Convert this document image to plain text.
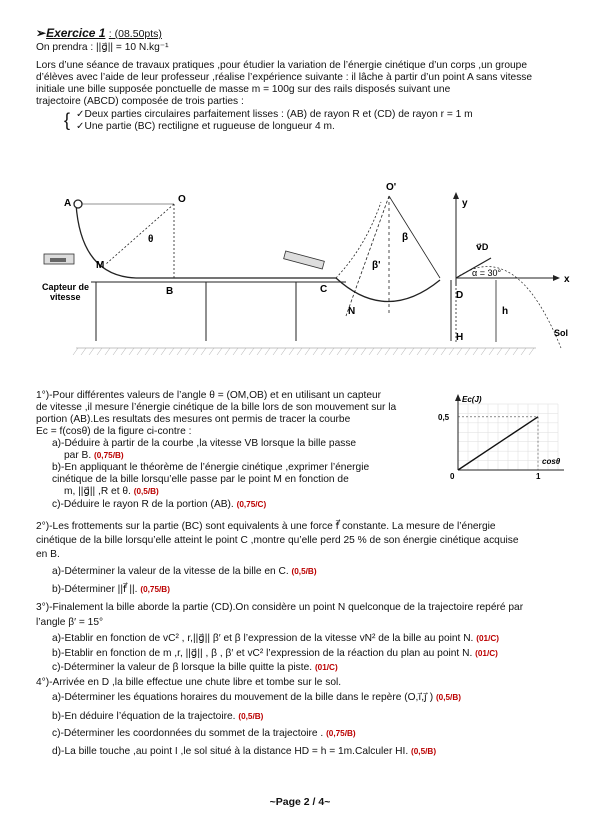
➢Exercice 1 : (08.50pts)
On prendra : ||g⃗|| = 10 N.kg⁻¹
Lors d’une séance de travaux pratiques ,pour étudier la variation de l’énergie cinétique d’un corps ,un groupe
d’élèves avec l’aide de leur professeur ,réalise l’expérience suivante : il lâche à partir d’un point A sans vitesse
initiale une bille supposée ponctuelle de masse m = 100g sur des rails disposés suivant une
trajectoire (ABCD) composée de trois parties :
{ ✓Deux parties circulaires parfaitement lisses : (AB) de rayon R et (CD) de rayon r = 1 m
✓Une partie (BC) rectiligne et rugueuse de longueur 4 m.
A	O
θ
M
B	C
N
O'
β
β'
D
y
x
v⃗D
α = 30°
h
H	Sol
Capteur de
vitesse
1°)-Pour différentes valeurs de l’angle θ = (OM,OB) et en utilisant un capteur
de vitesse ,il mesure l’énergie cinétique de la bille lors de son mouvement sur la
portion (AB).Les resultats des mesures ont permis de tracer la courbe
Ec = f(cosθ) de la figure ci-contre :
a)-Déduire à partir de la courbe ,la vitesse VB lorsque la bille passe
par B. (0,75/B)
b)-En appliquant le théorème de l’énergie cinétique ,exprimer l’énergie
cinétique de la bille lorsqu’elle passe par le point M en fonction de
m, ||g⃗|| ,R et θ. (0,5/B)
c)-Déduire le rayon R de la portion (AB). (0,75/C)
Ec(J)
cosθ
0,5
0	1
2°)-Les frottements sur la partie (BC) sont equivalents à une force f⃗ constante. La mesure de l’énergie
cinétique de la bille lorsqu’elle atteint le point C ,montre qu’elle perd 25 % de son énergie cinétique acquise
en B.
a)-Déterminer la valeur de la vitesse de la bille en C. (0,5/B)
b)-Déterminer ||f⃗ ||. (0,75/B)
3°)-Finalement la bille aborde la partie (CD).On considère un point N quelconque de la trajectoire repéré par
l’angle β′ = 15°
a)-Etablir en fonction de vC² , r,||g⃗|| β′ et β l’expression de la vitesse vN² de la bille au point N. (01/C)
b)-Etablir en fonction de m ,r, ||g⃗|| , β , β′ et vC² l’expression de la réaction du plan au point N. (01/C)
c)-Déterminer la valeur de β lorsque la bille quitte la piste. (01/C)
4°)-Arrivée en D ,la bille effectue une chute libre et tombe sur le sol.
a)-Déterminer les équations horaires du mouvement de la bille dans le repère (O,i⃗,j⃗ ) (0,5/B)
b)-En déduire l’équation de la trajectoire. (0,5/B)
c)-Déterminer les coordonnées du sommet de la trajectoire . (0,75/B)
d)-La bille touche ,au point I ,le sol situé à la distance HD = h = 1m.Calculer HI. (0,5/B)
~Page 2 / 4~
